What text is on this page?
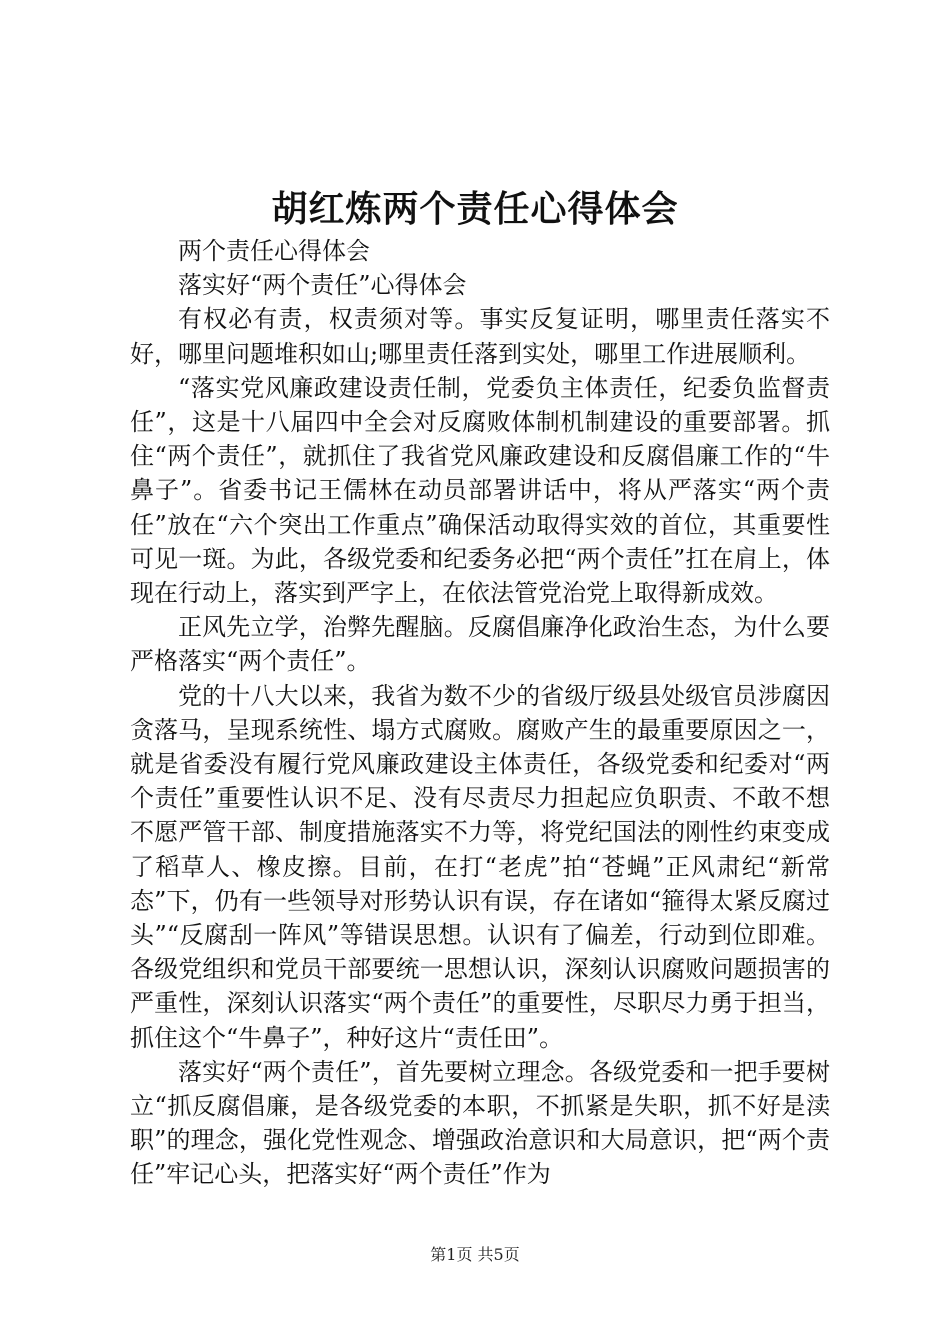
胡红炼两个责任心得体会

两个责任心得体会

落实好“两个责任”心得体会

有权必有责，权责须对等。事实反复证明，哪里责任落实不好，哪里问题堆积如山;哪里责任落到实处，哪里工作进展顺利。

“落实党风廉政建设责任制，党委负主体责任，纪委负监督责任”，这是十八届四中全会对反腐败体制机制建设的重要部署。抓住“两个责任”，就抓住了我省党风廉政建设和反腐倡廉工作的“牛鼻子”。省委书记王儒林在动员部署讲话中，将从严落实“两个责任”放在“六个突出工作重点”确保活动取得实效的首位，其重要性可见一斑。为此，各级党委和纪委务必把“两个责任”扛在肩上，体现在行动上，落实到严字上，在依法管党治党上取得新成效。

正风先立学，治弊先醒脑。反腐倡廉净化政治生态，为什么要严格落实“两个责任”。

党的十八大以来，我省为数不少的省级厅级县处级官员涉腐因贪落马，呈现系统性、塌方式腐败。腐败产生的最重要原因之一，就是省委没有履行党风廉政建设主体责任，各级党委和纪委对“两个责任”重要性认识不足、没有尽责尽力担起应负职责、不敢不想不愿严管干部、制度措施落实不力等，将党纪国法的刚性约束变成了稻草人、橡皮擦。目前，在打“老虎”拍“苍蝇”正风肃纪“新常态”下，仍有一些领导对形势认识有误，存在诸如“箍得太紧反腐过头”“反腐刮一阵风”等错误思想。认识有了偏差，行动到位即难。各级党组织和党员干部要统一思想认识，深刻认识腐败问题损害的严重性，深刻认识落实“两个责任”的重要性，尽职尽力勇于担当，抓住这个“牛鼻子”，种好这片“责任田”。

落实好“两个责任”，首先要树立理念。各级党委和一把手要树立“抓反腐倡廉，是各级党委的本职，不抓紧是失职，抓不好是渎职”的理念，强化党性观念、增强政治意识和大局意识，把“两个责任”牢记心头，把落实好“两个责任”作为

第1页 共5页
